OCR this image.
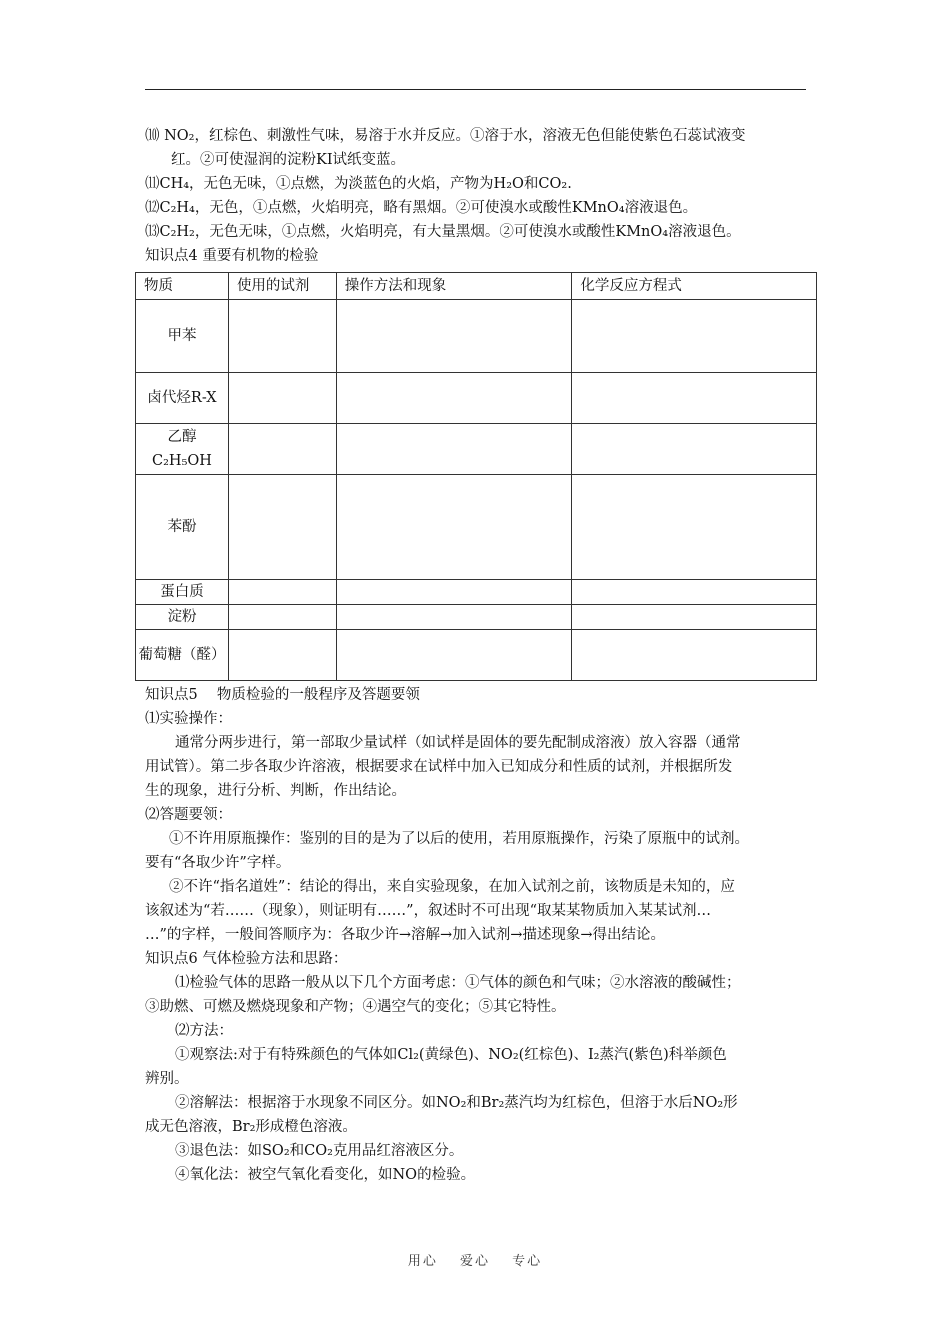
⑽ NO₂，红棕色、刺激性气味，易溶于水并反应。①溶于水，溶液无色但能使紫色石蕊试液变
红。②可使湿润的淀粉KI试纸变蓝。
⑾CH₄，无色无味，①点燃，为淡蓝色的火焰，产物为H₂O和CO₂.
⑿C₂H₄，无色，①点燃，火焰明亮，略有黑烟。②可使溴水或酸性KMnO₄溶液退色。
⒀C₂H₂，无色无味，①点燃，火焰明亮，有大量黑烟。②可使溴水或酸性KMnO₄溶液退色。
知识点4 重要有机物的检验
物质	使用的试剂	操作方法和现象	化学反应方程式
甲苯			
卤代烃R-X			
乙醇C₂H₅OH			
苯酚			
蛋白质			
淀粉			
葡萄糖（醛）			
知识点5　 物质检验的一般程序及答题要领
⑴实验操作：
通常分两步进行，第一部取少量试样（如试样是固体的要先配制成溶液）放入容器（通常
用试管）。第二步各取少许溶液，根据要求在试样中加入已知成分和性质的试剂，并根据所发
生的现象，进行分析、判断，作出结论。
⑵答题要领：
①不许用原瓶操作：鉴别的目的是为了以后的使用，若用原瓶操作，污染了原瓶中的试剂。
要有“各取少许”字样。
②不许“指名道姓”：结论的得出，来自实验现象，在加入试剂之前，该物质是未知的，应
该叙述为“若……（现象），则证明有……”，叙述时不可出现“取某某物质加入某某试剂…
…”的字样，一般间答顺序为：各取少许→溶解→加入试剂→描述现象→得出结论。
知识点6 气体检验方法和思路：
⑴检验气体的思路一般从以下几个方面考虑：①气体的颜色和气味；②水溶液的酸碱性；
③助燃、可燃及燃烧现象和产物；④遇空气的变化；⑤其它特性。
⑵方法：
①观察法:对于有特殊颜色的气体如Cl₂(黄绿色)、NO₂(红棕色)、I₂蒸汽(紫色)科举颜色
辨别。
②溶解法：根据溶于水现象不同区分。如NO₂和Br₂蒸汽均为红棕色，但溶于水后NO₂形
成无色溶液，Br₂形成橙色溶液。
③退色法：如SO₂和CO₂克用品红溶液区分。
④氧化法：被空气氧化看变化，如NO的检验。
用心 爱心 专心
